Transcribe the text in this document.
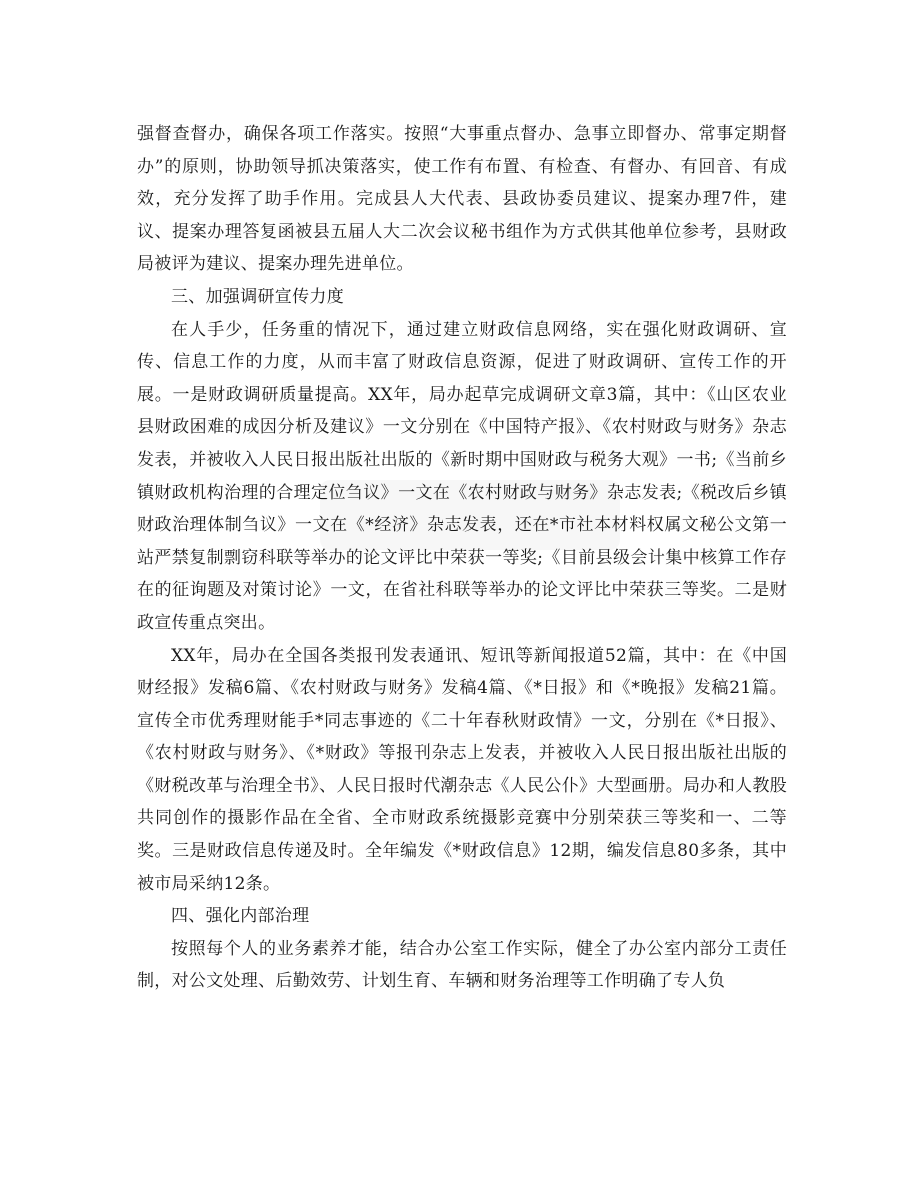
强督查督办，确保各项工作落实。按照“大事重点督办、急事立即督办、常事定期督办”的原则，协助领导抓决策落实，使工作有布置、有检查、有督办、有回音、有成效，充分发挥了助手作用。完成县人大代表、县政协委员建议、提案办理7件，建议、提案办理答复函被县五届人大二次会议秘书组作为方式供其他单位参考，县财政局被评为建议、提案办理先进单位。

三、加强调研宣传力度

在人手少，任务重的情况下，通过建立财政信息网络，实在强化财政调研、宣传、信息工作的力度，从而丰富了财政信息资源，促进了财政调研、宣传工作的开展。一是财政调研质量提高。XX年，局办起草完成调研文章3篇，其中：《山区农业县财政困难的成因分析及建议》一文分别在《中国特产报》、《农村财政与财务》杂志发表，并被收入人民日报出版社出版的《新时期中国财政与税务大观》一书;《当前乡镇财政机构治理的合理定位刍议》一文在《农村财政与财务》杂志发表;《税改后乡镇财政治理体制刍议》一文在《*经济》杂志发表，还在*市社本材料权属文秘公文第一站严禁复制剽窃科联等举办的论文评比中荣获一等奖;《目前县级会计集中核算工作存在的征询题及对策讨论》一文，在省社科联等举办的论文评比中荣获三等奖。二是财政宣传重点突出。

XX年，局办在全国各类报刊发表通讯、短讯等新闻报道52篇，其中：在《中国财经报》发稿6篇、《农村财政与财务》发稿4篇、《*日报》和《*晚报》发稿21篇。宣传全市优秀理财能手*同志事迹的《二十年春秋财政情》一文，分别在《*日报》、《农村财政与财务》、《*财政》等报刊杂志上发表，并被收入人民日报出版社出版的《财税改革与治理全书》、人民日报时代潮杂志《人民公仆》大型画册。局办和人教股共同创作的摄影作品在全省、全市财政系统摄影竞赛中分别荣获三等奖和一、二等奖。三是财政信息传递及时。全年编发《*财政信息》12期，编发信息80多条，其中被市局采纳12条。

四、强化内部治理

按照每个人的业务素养才能，结合办公室工作实际，健全了办公室内部分工责任制，对公文处理、后勤效劳、计划生育、车辆和财务治理等工作明确了专人负
